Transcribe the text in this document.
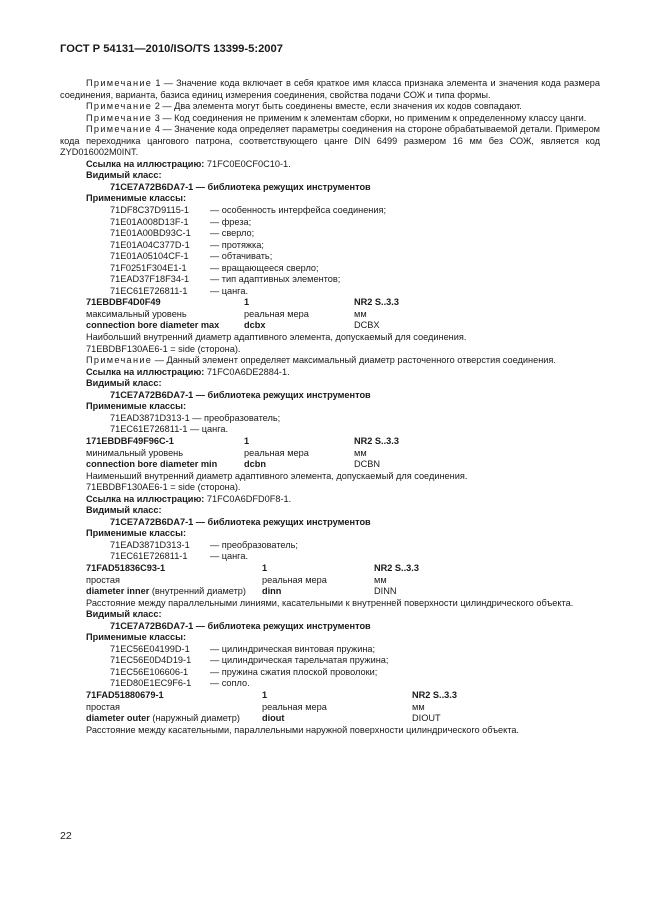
ГОСТ Р 54131—2010/ISO/TS 13399-5:2007
Примечание 1 — Значение кода включает в себя краткое имя класса признака элемента и значения кода размера соединения, варианта, базиса единиц измерения соединения, свойства подачи СОЖ и типа формы.
Примечание 2 — Два элемента могут быть соединены вместе, если значения их кодов совпадают.
Примечание 3 — Код соединения не применим к элементам сборки, но применим к определенному классу цанги.
Примечание 4 — Значение кода определяет параметры соединения на стороне обрабатываемой детали. Примером кода переходника цангового патрона, соответствующего цанге DIN 6499 размером 16 мм без СОЖ, является код ZYD016002M0INT.
Ссылка на иллюстрацию: 71FC0E0CF0C10-1.
Видимый класс:
71CE7A72B6DA7-1 — библиотека режущих инструментов
Применимые классы:
71DF8C37D9115-1	— особенность интерфейса соединения;
71E01A008D13F-1	— фреза;
71E01A00BD93C-1	— сверло;
71E01A04C377D-1	— протяжка;
71E01A05104CF-1	— обтачивать;
71F0251F304E1-1	— вращающееся сверло;
71EAD37F18F34-1	— тип адаптивных элементов;
71EC61E726811-1	— цанга.
71EBDBF4D0F49	1	NR2 S..3.3
максимальный уровень	реальная мера	мм
connection bore diameter max	dcbx	DCBX
Наибольший внутренний диаметр адаптивного элемента, допускаемый для соединения.
71EBDBF130AE6-1 = side (сторона).
Примечание — Данный элемент определяет максимальный диаметр расточенного отверстия соединения.
Ссылка на иллюстрацию: 71FC0A6DE2884-1.
Видимый класс:
71CE7A72B6DA7-1 — библиотека режущих инструментов
Применимые классы:
71EAD3871D313-1
— преобразователь;
71EC61E726811-1
— цанга.
171EBDBF49F96C-1	1	NR2 S..3.3
минимальный уровень	реальная мера	мм
connection bore diameter min	dcbn	DCBN
Наименьший внутренний диаметр адаптивного элемента, допускаемый для соединения.
71EBDBF130AE6-1 = side (сторона).
Ссылка на иллюстрацию: 71FC0A6DFD0F8-1.
Видимый класс:
71CE7A72B6DA7-1 — библиотека режущих инструментов
Применимые классы:
71EAD3871D313-1	— преобразователь;
71EC61E726811-1	— цанга.
71FAD51836C93-1	1	NR2 S..3.3
простая	реальная мера	мм
diameter inner (внутренний диаметр)	dinn	DINN
Расстояние между параллельными линиями, касательными к внутренней поверхности цилиндрического объекта.
Видимый класс:
71CE7A72B6DA7-1 — библиотека режущих инструментов
Применимые классы:
71EC56E04199D-1	— цилиндрическая винтовая пружина;
71EC56E0D4D19-1	— цилиндрическая тарельчатая пружина;
71EC56E106606-1	— пружина сжатия плоской проволоки;
71ED80E1EC9F6-1	— сопло.
71FAD51880679-1	1	NR2 S..3.3
простая	реальная мера	мм
diameter outer (наружный диаметр)	diout	DIOUT
Расстояние между касательными, параллельными наружной поверхности цилиндрического объекта.
22
